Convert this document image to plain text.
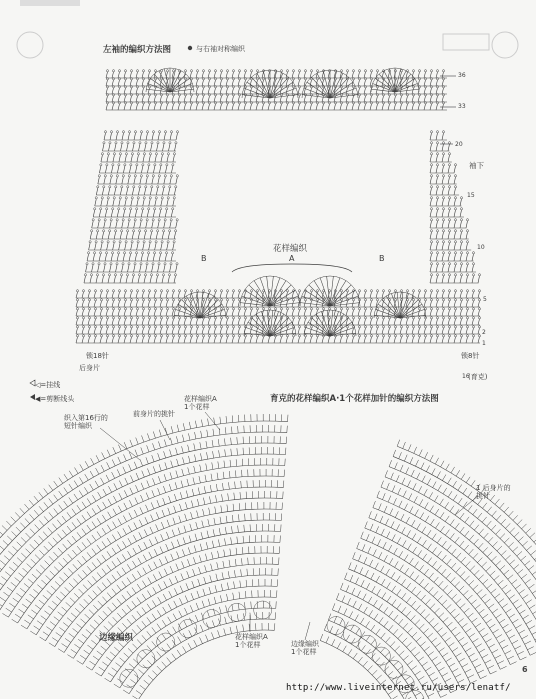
左袖的编织方法图	与右袖对称编织
花样编织
A
B	B
袖下
锁18针
后身片
锁8针
(育克)
16
36
33
20
15
10
5
2
1
◁=挂线
◀=剪断线头	育克的花样编织A·1个花样加针的编织方法图
织入第16行的
短针编织
前身片的挑针
花样编织A
1个花样
1 后身片的
挑针
花样编织A
1个花样	边缘编织
1个花样
边缘编织
6
http://www.liveinternet.ru/users/lenatf/
